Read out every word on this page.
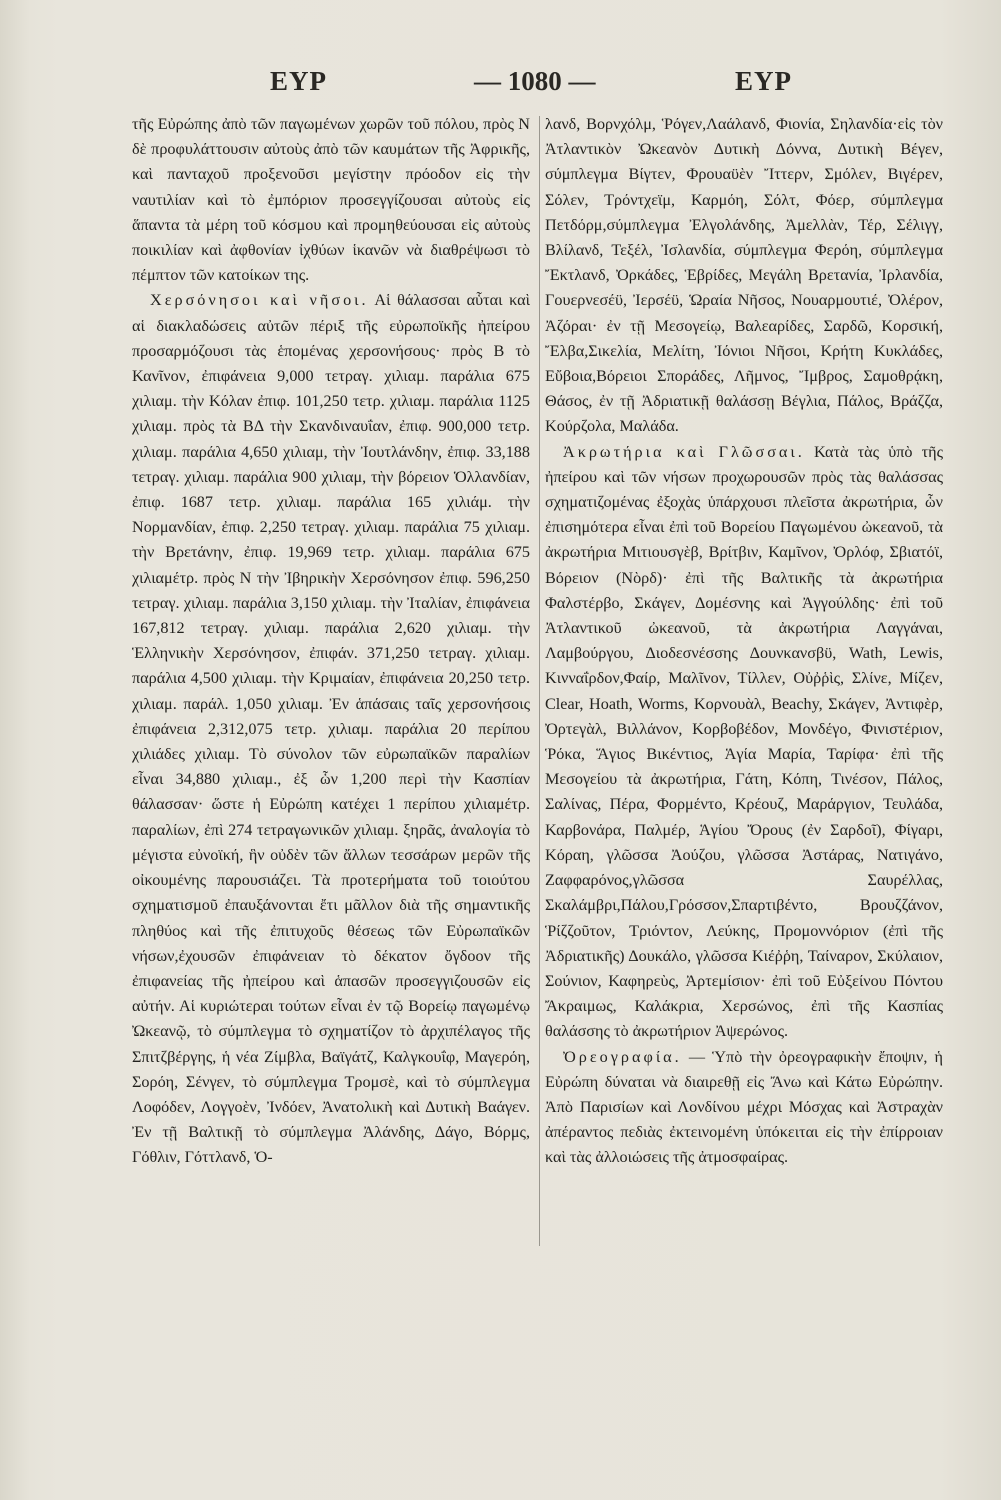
ΕΥΡ	— 1080 —	ΕΥΡ

τῆς Εὐρώπης ἀπὸ τῶν παγωμένων χωρῶν τοῦ πόλου, πρὸς Ν δὲ προφυλάττουσιν αὐτοὺς ἀπὸ τῶν καυμάτων τῆς Ἀφρικῆς, καὶ πανταχοῦ προξενοῦσι μεγίστην πρόοδον εἰς τὴν ναυτιλίαν καὶ τὸ ἐμπόριον προσεγγίζουσαι αὐτοὺς εἰς ἅπαντα τὰ μέρη τοῦ κόσμου καὶ προμηθεύουσαι εἰς αὐτοὺς ποικιλίαν καὶ ἀφθονίαν ἰχθύων ἱκανῶν νὰ διαθρέψωσι τὸ πέμπτον τῶν κατοίκων της.

Χερσόνησοι καὶ νῆσοι. Αἱ θάλασσαι αὗται καὶ αἱ διακλαδώσεις αὐτῶν πέριξ τῆς εὐρωποϊκῆς ἠπείρου προσαρμόζουσι τὰς ἑπομένας χερσονήσους· πρὸς Β τὸ Κανῖνον, ἐπιφάνεια 9,000 τετραγ. χιλιαμ. παράλια 675 χιλιαμ. τὴν Κόλαν ἐπιφ. 101,250 τετρ. χιλιαμ. παράλια 1125 χιλιαμ. πρὸς τὰ ΒΔ τὴν Σκανδιναυΐαν, ἐπιφ. 900,000 τετρ. χιλιαμ. παράλια 4,650 χιλιαμ, τὴν Ἰουτλάνδην, ἐπιφ. 33,188 τετραγ. χιλιαμ. παράλια 900 χιλιαμ, τὴν βόρειον Ὁλλανδίαν, ἐπιφ. 1687 τετρ. χιλιαμ. παράλια 165 χιλιάμ. τὴν Νορμανδίαν, ἐπιφ. 2,250 τετραγ. χιλιαμ. παράλια 75 χιλιαμ. τὴν Βρετάνην, ἐπιφ. 19,969 τετρ. χιλιαμ. παράλια 675 χιλιαμέτρ. πρὸς Ν τὴν Ἰβηρικὴν Χερσόνησον ἐπιφ. 596,250 τετραγ. χιλιαμ. παράλια 3,150 χιλιαμ. τὴν Ἰταλίαν, ἐπιφάνεια 167,812 τετραγ. χιλιαμ. παράλια 2,620 χιλιαμ. τὴν Ἑλληνικὴν Χερσόνησον, ἐπιφάν. 371,250 τετραγ. χιλιαμ. παράλια 4,500 χιλιαμ. τὴν Κριμαίαν, ἐπιφάνεια 20,250 τετρ. χιλιαμ. παράλ. 1,050 χιλιαμ. Ἐν ἁπάσαις ταῖς χερσονήσοις ἐπιφάνεια 2,312,075 τετρ. χιλιαμ. παράλια 20 περίπου χιλιάδες χιλιαμ. Τὸ σύνολον τῶν εὐρωπαϊκῶν παραλίων εἶναι 34,880 χιλιαμ., ἐξ ὧν 1,200 περὶ τὴν Κασπίαν θάλασσαν· ὥστε ἡ Εὐρώπη κατέχει 1 περίπου χιλιαμέτρ. παραλίων, ἐπὶ 274 τετραγωνικῶν χιλιαμ. ξηρᾶς, ἀναλογία τὸ μέγιστα εὐνοϊκή, ἣν οὐδὲν τῶν ἄλλων τεσσάρων μερῶν τῆς οἰκουμένης παρουσιάζει. Τὰ προτερήματα τοῦ τοιούτου σχηματισμοῦ ἐπαυξάνονται ἔτι μᾶλλον διὰ τῆς σημαντικῆς πληθύος καὶ τῆς ἐπιτυχοῦς θέσεως τῶν Εὐρωπαϊκῶν νήσων,ἐχουσῶν ἐπιφάνειαν τὸ δέκατον ὄγδοον τῆς ἐπιφανείας τῆς ἠπείρου καὶ ἁπασῶν προσεγγιζουσῶν εἰς αὐτήν. Αἱ κυριώτεραι τούτων εἶναι ἐν τῷ Βορείῳ παγωμένῳ Ὠκεανῷ, τὸ σύμπλεγμα τὸ σχηματίζον τὸ ἀρχιπέλαγος τῆς Σπιτζβέργης, ἡ νέα Ζίμβλα, Βαϊγάτζ, Καλγκουΐφ, Μαγερόη, Σορόη, Σένγεν, τὸ σύμπλεγμα Τρομσὲ, καὶ τὸ σύμπλεγμα Λοφόδεν, Λογγοὲν, Ἰνδόεν, Ἀνατολικὴ καὶ Δυτικὴ Βαάγεν. Ἐν τῇ Βαλτικῇ τὸ σύμπλεγμα Ἀλάνδης, Δάγο, Βόρμς, Γόθλιν, Γόττλανδ, Ὁ-

λανδ, Βορνχόλμ, Ῥόγεν,Λαάλανδ, Φιονία, Σηλανδία·εἰς τὸν Ἀτλαντικὸν Ὠκεανὸν Δυτικὴ Δόννα, Δυτικὴ Βέγεν, σύμπλεγμα Βίγτεν, Φρουαϋὲν Ἴττερν, Σμόλεν, Βιγέρεν, Σόλεν, Τρόντχεϊμ, Καρμόη, Σόλτ, Φόερ, σύμπλεγμα Πετδόρμ,σύμπλεγμα Ἐλγολάνδης, Ἀμελλὰν, Τέρ, Σέλιγγ, Βλίλανδ, Τεξέλ, Ἰσλανδία, σύμπλεγμα Φερόη, σύμπλεγμα Ἔκτλανδ, Ὀρκάδες, Ἑβρίδες, Μεγάλη Βρετανία, Ἰρλανδία, Γουερνεσέϋ, Ἰερσέϋ, Ὡραία Νῆσος, Νουαρμουτιέ, Ὀλέρον, Ἀζόραι· ἐν τῇ Μεσογείῳ, Βαλεαρίδες, Σαρδῶ, Κορσική, Ἔλβα,Σικελία, Μελίτη, Ἰόνιοι Νῆσοι, Κρήτη Κυκλάδες, Εὔβοια,Βόρειοι Σποράδες, Λῆμνος, Ἴμβρος, Σαμοθρᾴκη, Θάσος, ἐν τῇ Ἀδριατικῇ θαλάσσῃ Βέγλια, Πάλος, Βράζζα, Κούρζολα, Μαλάδα.

Ἀκρωτήρια καὶ Γλῶσσαι. Κατὰ τὰς ὑπὸ τῆς ἠπείρου καὶ τῶν νήσων προχωρουσῶν πρὸς τὰς θαλάσσας σχηματιζομένας ἐξοχὰς ὑπάρχουσι πλεῖστα ἀκρωτήρια, ὧν ἐπισημότερα εἶναι ἐπὶ τοῦ Βορείου Παγωμένου ὠκεανοῦ, τὰ ἀκρωτήρια Μιτιουσγὲβ, Βρίτβιν, Καμῖνον, Ὀρλόφ, Σβιατόϊ, Βόρειον (Νὸρδ)· ἐπὶ τῆς Βαλτικῆς τὰ ἀκρωτήρια Φαλστέρβο, Σκάγεν, Δομέσνης καὶ Ἀγγούλδης· ἐπὶ τοῦ Ἀτλαντικοῦ ὠκεανοῦ, τὰ ἀκρωτήρια Λαγγάναι, Λαμβούργου, Διοδεσνέσσης Δουνκανσβϋ, Wath, Lewis, Κινναΐρδον,Φαίρ, Μαλῖνον, Τίλλεν, Οὐῤῥὶς, Σλίνε, Μίζεν, Clear, Hoath, Worms, Κορνουὰλ, Beachy, Σκάγεν, Ἀντιφὲρ, Ὀρτεγὰλ, Βιλλάνον, Κορβοβέδον, Μονδέγο, Φινιστέριον, Ῥόκα, Ἅγιος Βικέντιος, Ἁγία Μαρία, Ταρίφα· ἐπὶ τῆς Μεσογείου τὰ ἀκρωτήρια, Γάτη, Κόπη, Τινέσον, Πάλος, Σαλίνας, Πέρα, Φορμέντο, Κρέουζ, Μαράργιον, Τευλάδα, Καρβονάρα, Παλμέρ, Ἁγίου Ὄρους (ἐν Σαρδοῖ), Φίγαρι, Κόραη, γλῶσσα Ἀούζου, γλῶσσα Ἀστάρας, Νατιγάνο, Ζαφφαρόνος,γλῶσσα Σαυρέλλας, Σκαλάμβρι,Πάλου,Γρόσσον,Σπαρτιβέντο, Βρουζζάνον, Ῥίζζοῦτον, Τριόντον, Λεύκης, Προμοννόριον (ἐπὶ τῆς Ἀδριατικῆς) Δουκάλο, γλῶσσα Κιέῤῥη, Ταίναρον, Σκύλαιον, Σούνιον, Καφηρεὺς, Ἀρτεμίσιον· ἐπὶ τοῦ Εὐξείνου Πόντου Ἄκραιμως, Καλάκρια, Χερσώνος, ἐπὶ τῆς Κασπίας θαλάσσης τὸ ἀκρωτήριον Ἀψερώνος.

Ὀρεογραφία. — Ὑπὸ τὴν ὀρεογραφικὴν ἔποψιν, ἡ Εὐρώπη δύναται νὰ διαιρεθῇ εἰς Ἄνω καὶ Κάτω Εὐρώπην. Ἀπὸ Παρισίων καὶ Λονδίνου μέχρι Μόσχας καὶ Ἀστραχὰν ἀπέραντος πεδιὰς ἐκτεινομένη ὑπόκειται εἰς τὴν ἐπίρροιαν καὶ τὰς ἀλλοιώσεις τῆς ἀτμοσφαίρας.
